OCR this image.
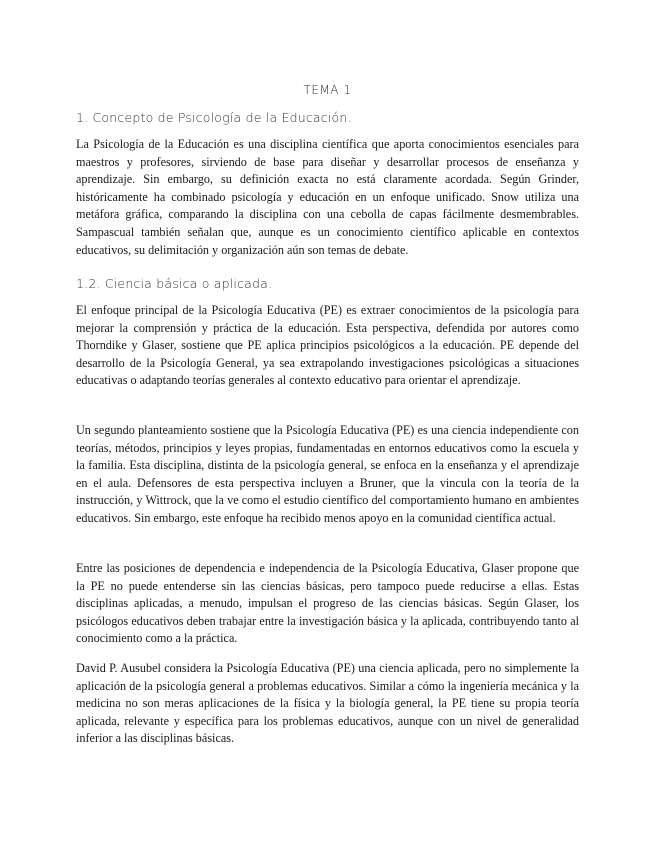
TEMA 1
1. Concepto de Psicología de la Educación.

La Psicología de la Educación es una disciplina científica que aporta conocimientos esenciales para maestros y profesores, sirviendo de base para diseñar y desarrollar procesos de enseñanza y aprendizaje. Sin embargo, su definición exacta no está claramente acordada. Según Grinder, históricamente ha combinado psicología y educación en un enfoque unificado. Snow utiliza una metáfora gráfica, comparando la disciplina con una cebolla de capas fácilmente desmembrables. Sampascual también señalan que, aunque es un conocimiento científico aplicable en contextos educativos, su delimitación y organización aún son temas de debate.

1.2. Ciencia básica o aplicada.

El enfoque principal de la Psicología Educativa (PE) es extraer conocimientos de la psicología para mejorar la comprensión y práctica de la educación. Esta perspectiva, defendida por autores como Thorndike y Glaser, sostiene que PE aplica principios psicológicos a la educación. PE depende del desarrollo de la Psicología General, ya sea extrapolando investigaciones psicológicas a situaciones educativas o adaptando teorías generales al contexto educativo para orientar el aprendizaje.

Un segundo planteamiento sostiene que la Psicología Educativa (PE) es una ciencia independiente con teorías, métodos, principios y leyes propias, fundamentadas en entornos educativos como la escuela y la familia. Esta disciplina, distinta de la psicología general, se enfoca en la enseñanza y el aprendizaje en el aula. Defensores de esta perspectiva incluyen a Bruner, que la vincula con la teoría de la instrucción, y Wittrock, que la ve como el estudio científico del comportamiento humano en ambientes educativos. Sin embargo, este enfoque ha recibido menos apoyo en la comunidad científica actual.

Entre las posiciones de dependencia e independencia de la Psicología Educativa, Glaser propone que la PE no puede entenderse sin las ciencias básicas, pero tampoco puede reducirse a ellas. Estas disciplinas aplicadas, a menudo, impulsan el progreso de las ciencias básicas. Según Glaser, los psicólogos educativos deben trabajar entre la investigación básica y la aplicada, contribuyendo tanto al conocimiento como a la práctica.

David P. Ausubel considera la Psicología Educativa (PE) una ciencia aplicada, pero no simplemente la aplicación de la psicología general a problemas educativos. Similar a cómo la ingeniería mecánica y la medicina no son meras aplicaciones de la física y la biología general, la PE tiene su propia teoría aplicada, relevante y específica para los problemas educativos, aunque con un nivel de generalidad inferior a las disciplinas básicas.
